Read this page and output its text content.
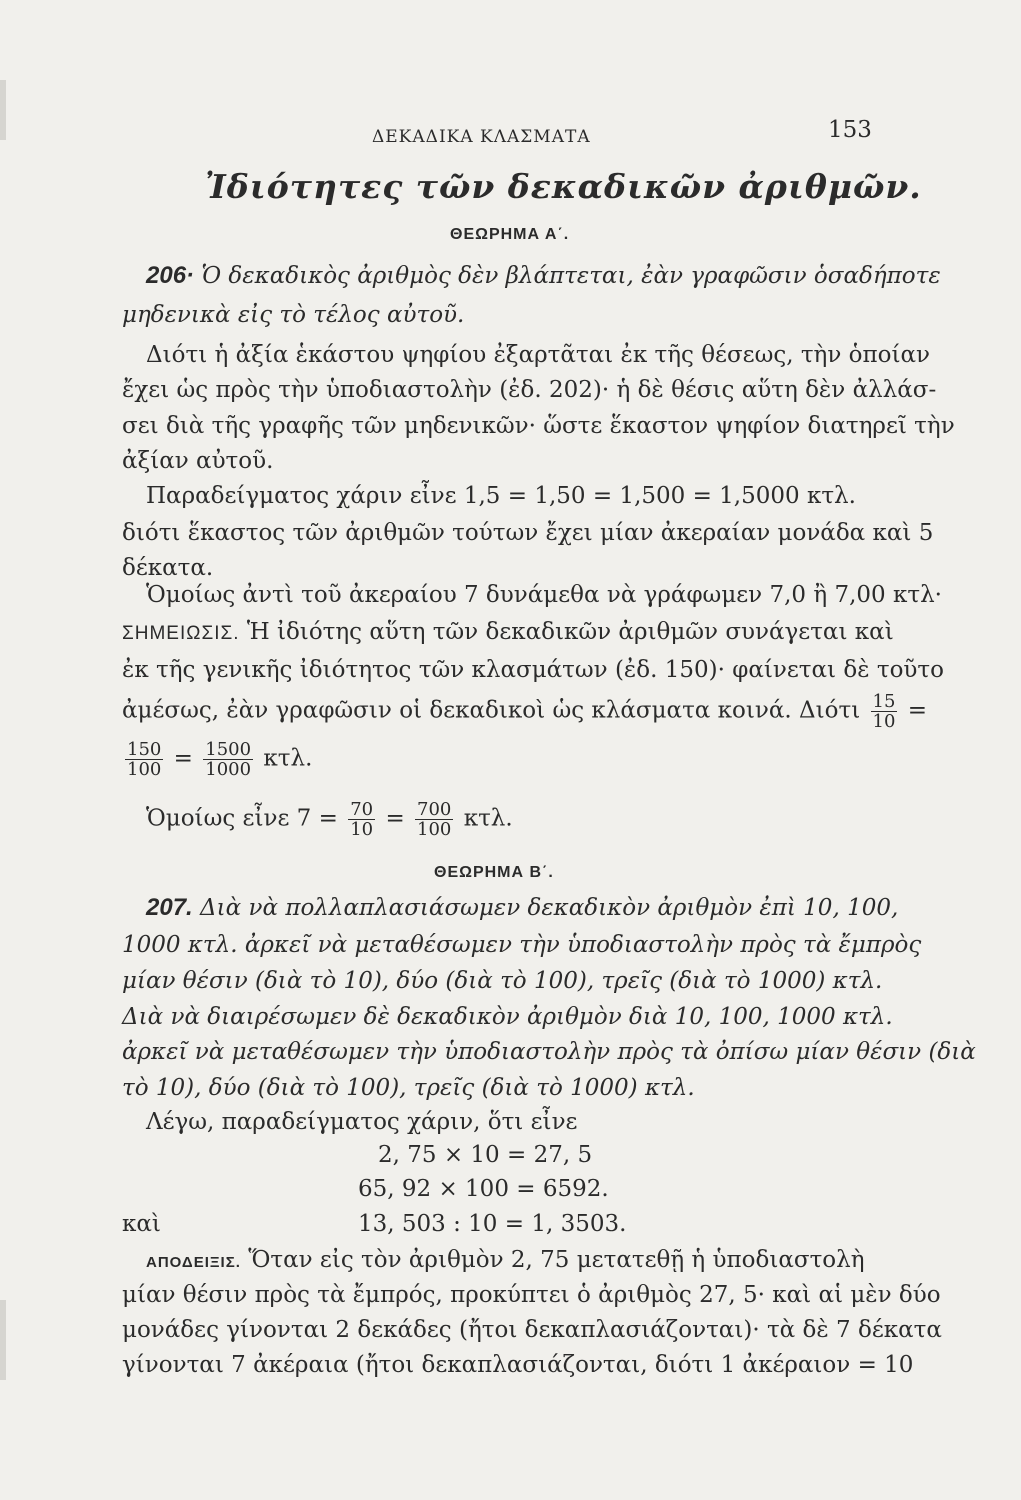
ΔΕΚΑΔΙΚΑ ΚΛΑΣΜΑΤΑ	153
Ἰδιότητες τῶν δεκαδικῶν ἀριθμῶν.
ΘΕΩΡΗΜΑ Α΄.
206· Ὁ δεκαδικὸς ἀριθμὸς δὲν βλάπτεται, ἐὰν γραφῶσιν ὁσαδήποτε
μηδενικὰ εἰς τὸ τέλος αὐτοῦ.
Διότι ἡ ἀξία ἑκάστου ψηφίου ἐξαρτᾶται ἐκ τῆς θέσεως, τὴν ὁποίαν
ἔχει ὡς πρὸς τὴν ὑποδιαστολὴν (ἐδ. 202)· ἡ δὲ θέσις αὕτη δὲν ἀλλάσ-
σει διὰ τῆς γραφῆς τῶν μηδενικῶν· ὥστε ἕκαστον ψηφίον διατηρεῖ τὴν
ἀξίαν αὐτοῦ.
Παραδείγματος χάριν εἶνε 1,5 = 1,50 = 1,500 = 1,5000 κτλ.
διότι ἕκαστος τῶν ἀριθμῶν τούτων ἔχει μίαν ἀκεραίαν μονάδα καὶ 5
δέκατα.
Ὁμοίως ἀντὶ τοῦ ἀκεραίου 7 δυνάμεθα νὰ γράφωμεν 7,0 ἢ 7,00 κτλ·
ΣΗΜΕΙΩΣΙΣ. Ἡ ἰδιότης αὕτη τῶν δεκαδικῶν ἀριθμῶν συνάγεται καὶ
ἐκ τῆς γενικῆς ἰδιότητος τῶν κλασμάτων (ἐδ. 150)· φαίνεται δὲ τοῦτο
ἀμέσως, ἐὰν γραφῶσιν οἱ δεκαδικοὶ ὡς κλάσματα κοινά. Διότι $\frac{15}{10}$ =
$\frac{150}{100} = \frac{1500}{1000} \kappa\tau\lambda$.
Ὁμοίως εἶνε $7 = \frac{70}{10} = \frac{700}{100} \kappa\tau\lambda$.
ΘΕΩΡΗΜΑ Β΄.
207. Διὰ νὰ πολλαπλασιάσωμεν δεκαδικὸν ἀριθμὸν ἐπὶ 10, 100,
1000 κτλ. ἀρκεῖ νὰ μεταθέσωμεν τὴν ὑποδιαστολὴν πρὸς τὰ ἔμπρὸς
μίαν θέσιν (διὰ τὸ 10), δύο (διὰ τὸ 100), τρεῖς (διὰ τὸ 1000) κτλ.
Διὰ νὰ διαιρέσωμεν δὲ δεκαδικὸν ἀριθμὸν διὰ 10, 100, 1000 κτλ.
ἀρκεῖ νὰ μεταθέσωμεν τὴν ὑποδιαστολὴν πρὸς τὰ ὀπίσω μίαν θέσιν (διὰ
τὸ 10), δύο (διὰ τὸ 100), τρεῖς (διὰ τὸ 1000) κτλ.
Λέγω, παραδείγματος χάριν, ὅτι εἶνε
2, 75 × 10 = 27, 5
65, 92 × 100 = 6592.
καὶ	13, 503 : 10 = 1, 3503.
ΑΠΟΔΕΙΞΙΣ. Ὅταν εἰς τὸν ἀριθμὸν 2, 75 μετατεθῇ ἡ ὑποδιαστολὴ
μίαν θέσιν πρὸς τὰ ἔμπρός, προκύπτει ὁ ἀριθμὸς 27, 5· καὶ αἱ μὲν δύο
μονάδες γίνονται 2 δεκάδες (ἤτοι δεκαπλασιάζονται)· τὰ δὲ 7 δέκατα
γίνονται 7 ἀκέραια (ἤτοι δεκαπλασιάζονται, διότι 1 ἀκέραιον = 10
